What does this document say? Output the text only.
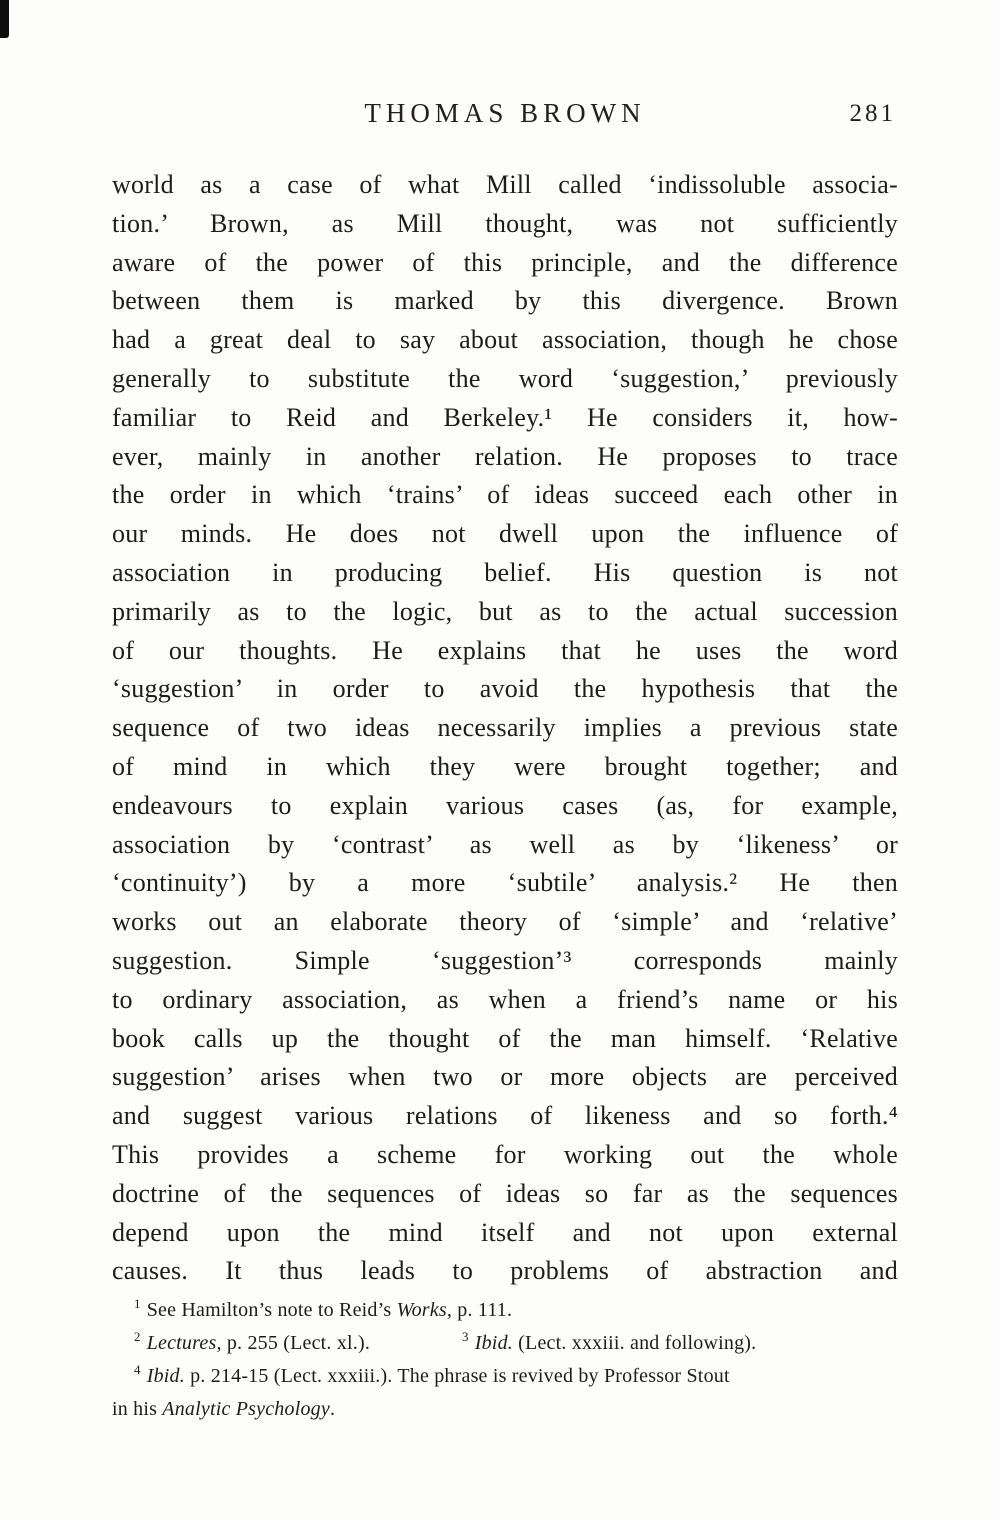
THOMAS BROWN	281
world as a case of what Mill called ‘indissoluble associa-
tion.’ Brown, as Mill thought, was not sufficiently
aware of the power of this principle, and the difference
between them is marked by this divergence. Brown
had a great deal to say about association, though he chose
generally to substitute the word ‘suggestion,’ previously
familiar to Reid and Berkeley.¹ He considers it, how-
ever, mainly in another relation. He proposes to trace
the order in which ‘trains’ of ideas succeed each other in
our minds. He does not dwell upon the influence of
association in producing belief. His question is not
primarily as to the logic, but as to the actual succession
of our thoughts. He explains that he uses the word
‘suggestion’ in order to avoid the hypothesis that the
sequence of two ideas necessarily implies a previous state
of mind in which they were brought together; and
endeavours to explain various cases (as, for example,
association by ‘contrast’ as well as by ‘likeness’ or
‘continuity’) by a more ‘subtile’ analysis.² He then
works out an elaborate theory of ‘simple’ and ‘relative’
suggestion. Simple ‘suggestion’³ corresponds mainly
to ordinary association, as when a friend’s name or his
book calls up the thought of the man himself. ‘Relative
suggestion’ arises when two or more objects are perceived
and suggest various relations of likeness and so forth.⁴
This provides a scheme for working out the whole
doctrine of the sequences of ideas so far as the sequences
depend upon the mind itself and not upon external
causes. It thus leads to problems of abstraction and
$^1$ See Hamilton’s note to Reid’s Works, p. 111.
$^2$ Lectures, p. 255 (Lect. xl.).	$^3$ Ibid. (Lect. xxxiii. and following).
$^4$ Ibid. p. 214-15 (Lect. xxxiii.). The phrase is revived by Professor Stout
in his Analytic Psychology.
